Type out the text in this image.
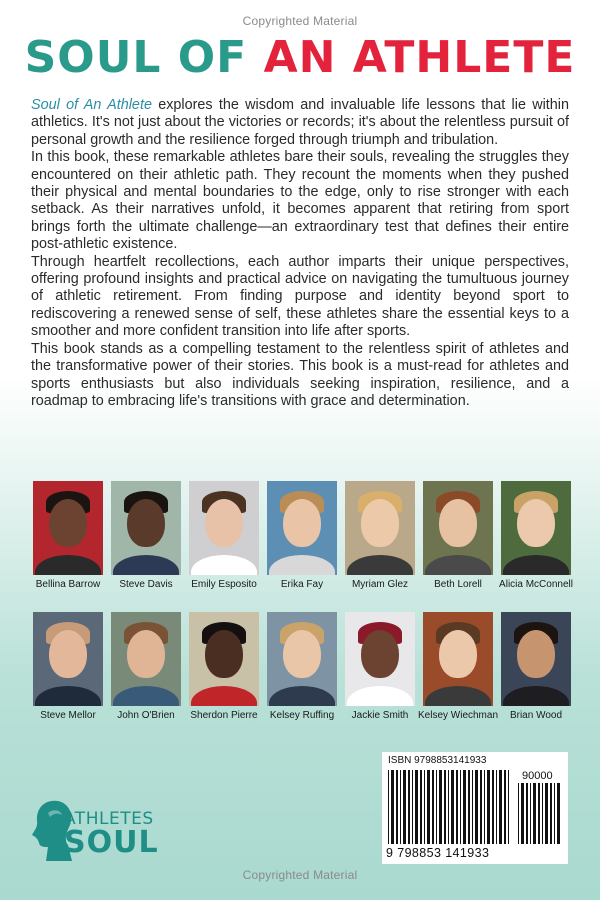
Copyrighted Material
SOUL OF AN ATHLETE

Soul of An Athlete explores the wisdom and invaluable life lessons that lie within athletics. It's not just about the victories or records; it's about the relentless pursuit of personal growth and the resilience forged through triumph and tribulation.

In this book, these remarkable athletes bare their souls, revealing the struggles they encountered on their athletic path. They recount the moments when they pushed their physical and mental boundaries to the edge, only to rise stronger with each setback. As their narratives unfold, it becomes apparent that retiring from sport brings forth the ultimate challenge—an extraordinary test that defines their entire post-athletic existence.

Through heartfelt recollections, each author imparts their unique perspectives, offering profound insights and practical advice on navigating the tumultuous journey of athletic retirement. From finding purpose and identity beyond sport to rediscovering a renewed sense of self, these athletes share the essential keys to a smoother and more confident transition into life after sports.

This book stands as a compelling testament to the relentless spirit of athletes and the transformative power of their stories. This book is a must-read for athletes and sports enthusiasts but also individuals seeking inspiration, resilience, and a roadmap to embracing life's transitions with grace and determination.

Bellina Barrow Steve Davis Emily Esposito Erika Fay	Myriam Glez	Beth Lorell Alicia McConnell
Steve Mellor John O'Brien Sherdon Pierre Kelsey Ruffing Jackie Smith Kelsey Wiechman Brian Wood
ATHLETES
SOUL
ISBN 9798853141933
90000
9 798853 141933
Copyrighted Material
